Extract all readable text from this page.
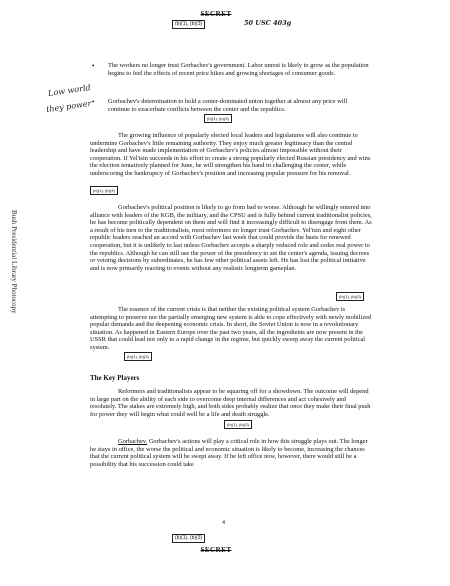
SECRET
(b)(1), (b)(3)	50 USC 403g
Low world
they power
• The workers no longer trust Gorbachev's government. Labor unrest is likely to grow as the population begins to feel the effects of recent price hikes and growing shortages of consumer goods.

• Gorbachev's determination to hold a center-dominated union together at almost any price will continue to exacerbate conflicts between the center and the republics.

(b)(1), (b)(3)

The growing influence of popularly elected local leaders and legislatures will also continue to undermine Gorbachev's little remaining authority. They enjoy much greater legitimacy than the central leadership and have made implementation of Gorbachev's policies almost impossible without their cooperation. If Yel'tsin succeeds in his effort to create a strong popularly elected Russian presidency and wins the election tentatively planned for June, he will strengthen his hand in challenging the center, while underscoring the bankruptcy of Gorbachev's position and increasing popular pressure for his removal.

(b)(1), (b)(3)

Gorbachev's political position is likely to go from bad to worse. Although he willingly entered into alliance with leaders of the KGB, the military, and the CPSU and is fully behind current traditionalist policies, he has become politically dependent on them and will find it increasingly difficult to disengage from them. As a result of his turn to the traditionalists, most reformers no longer trust Gorbachev. Yel'tsin and eight other republic leaders reached an accord with Gorbachev last week that could provide the basis for renewed cooperation, but it is unlikely to last unless Gorbachev accepts a sharply reduced role and cedes real power to the republics. Although he can still use the power of the presidency to set the center's agenda, issuing decrees or vetoing decisions by subordinates, he has few other political assets left. He has lost the political initiative and is now primarily reacting to events without any realistic longterm gameplan.

(b)(1), (b)(3)

The essence of the current crisis is that neither the existing political system Gorbachev is attempting to preserve nor the partially emerging new system is able to cope effectively with newly mobilized popular demands and the deepening economic crisis. In short, the Soviet Union is now in a revolutionary situation. As happened in Eastern Europe over the past two years, all the ingredients are now present in the USSR that could lead not only to a rapid change in the regime, but quickly sweep away the current political system.

(b)(1), (b)(3)
The Key Players

Reformers and traditionalists appear to be squaring off for a showdown. The outcome will depend in large part on the ability of each side to overcome deep internal differences and act cohesively and resolutely. The stakes are extremely high, and both sides probably realize that once they make their final push for power they will begin what could well be a life and death struggle.

(b)(1), (b)(3)

Gorbachev. Gorbachev's actions will play a critical role in how this struggle plays out. The longer he stays in office, the worse the political and economic situation is likely to become, increasing the chances that the current political system will be swept away. If he left office now, however, there would still be a possibility that his succession could take

Bush Presidential Library Photocopy
4
(b)(1), (b)(3)
SECRET
